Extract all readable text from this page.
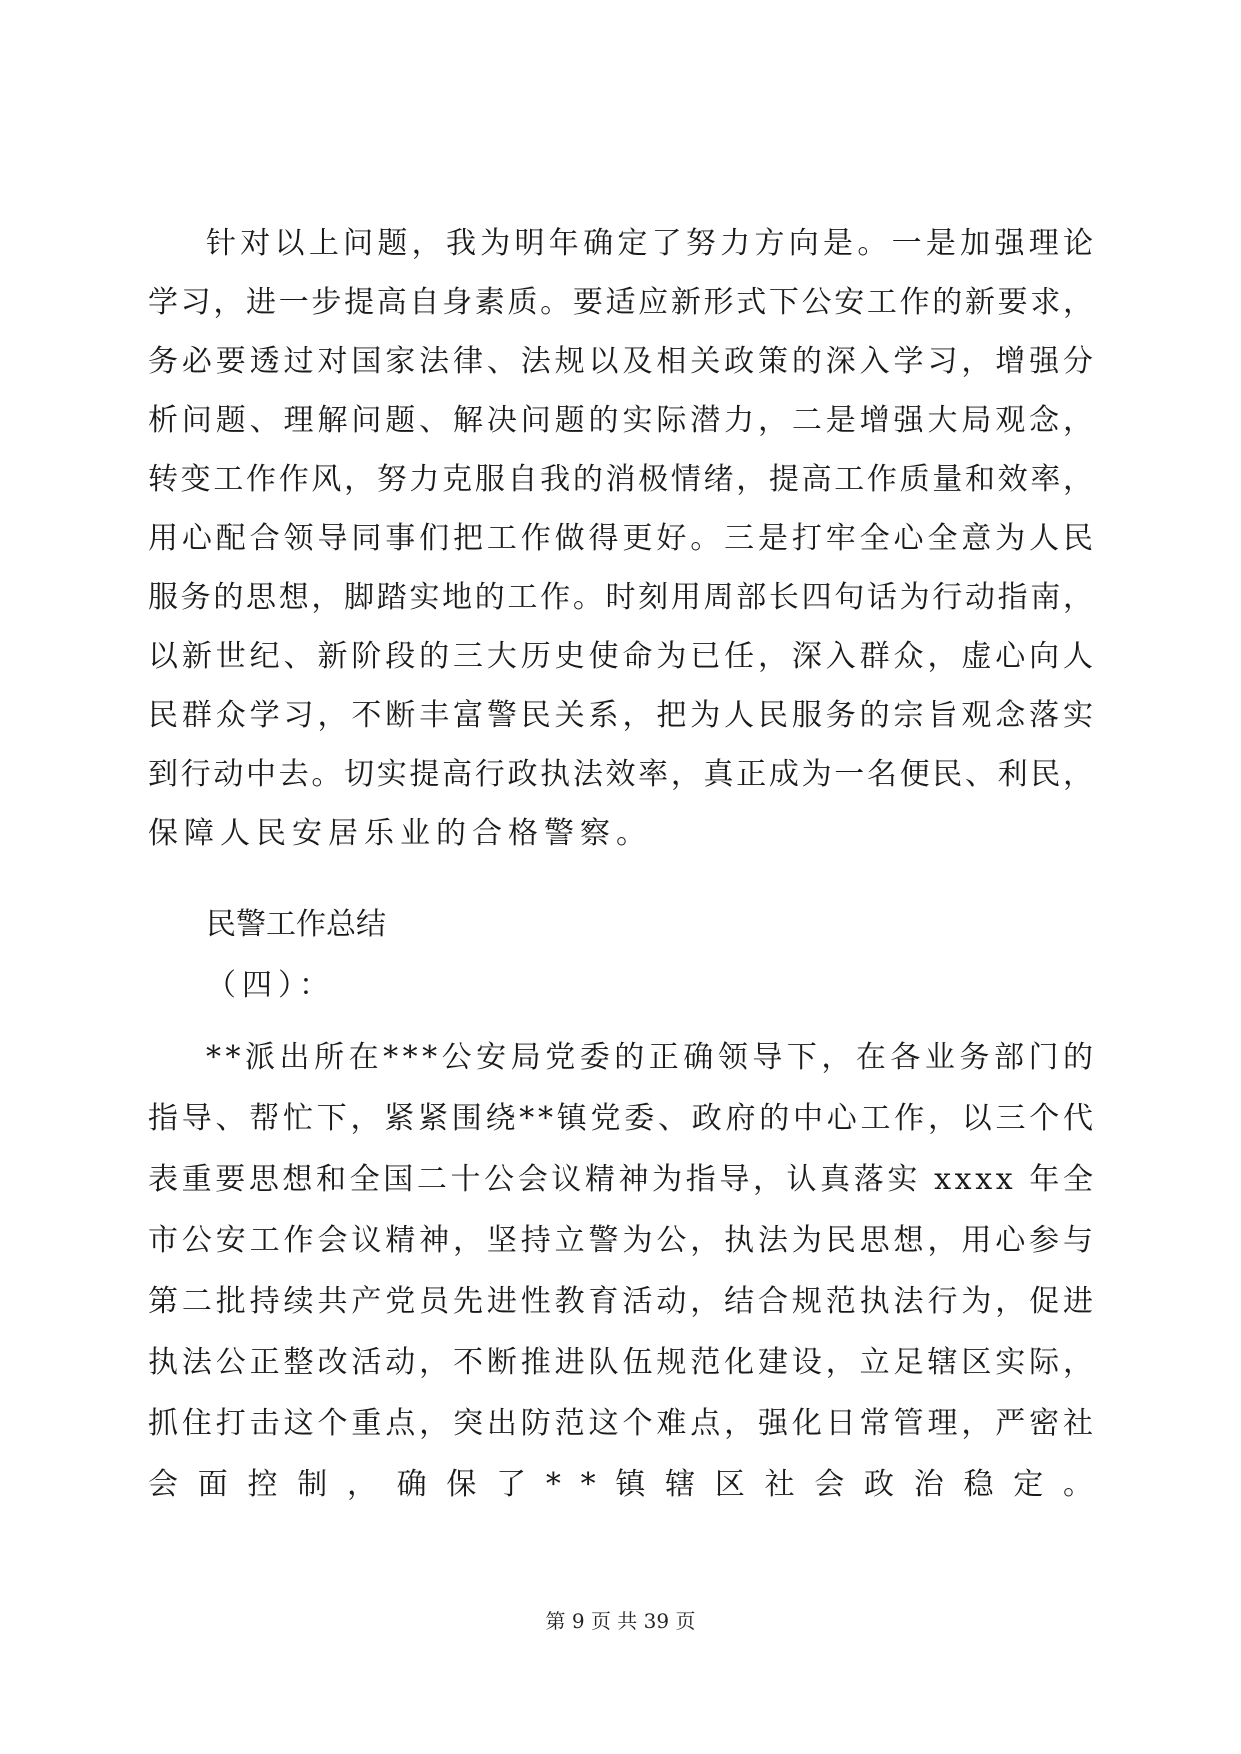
针对以上问题，我为明年确定了努力方向是。一是加强理论
学习，进一步提高自身素质。要适应新形式下公安工作的新要求，
务必要透过对国家法律、法规以及相关政策的深入学习，增强分
析问题、理解问题、解决问题的实际潜力，二是增强大局观念，
转变工作作风，努力克服自我的消极情绪，提高工作质量和效率，
用心配合领导同事们把工作做得更好。三是打牢全心全意为人民
服务的思想，脚踏实地的工作。时刻用周部长四句话为行动指南，
以新世纪、新阶段的三大历史使命为已任，深入群众，虚心向人
民群众学习，不断丰富警民关系，把为人民服务的宗旨观念落实
到行动中去。切实提高行政执法效率，真正成为一名便民、利民，
保障人民安居乐业的合格警察。
民警工作总结
（四）：
**派出所在***公安局党委的正确领导下，在各业务部门的
指导、帮忙下，紧紧围绕**镇党委、政府的中心工作，以三个代
表重要思想和全国二十公会议精神为指导，认真落实 xxxx 年全
市公安工作会议精神，坚持立警为公，执法为民思想，用心参与
第二批持续共产党员先进性教育活动，结合规范执法行为，促进
执法公正整改活动，不断推进队伍规范化建设，立足辖区实际，
抓住打击这个重点，突出防范这个难点，强化日常管理，严密社
会面控制，确保了**镇辖区社会政治稳定。
第 9 页 共 39 页
